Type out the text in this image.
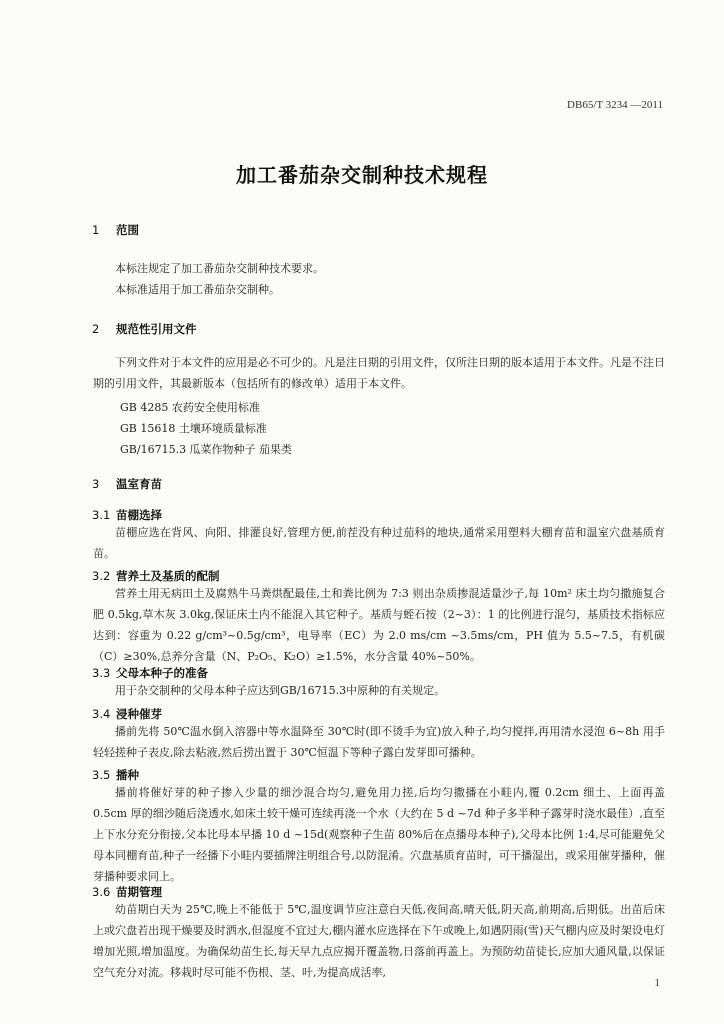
DB65/T 3234 —2011
加工番茄杂交制种技术规程
1 范围

本标注规定了加工番茄杂交制种技术要求。

本标准适用于加工番茄杂交制种。

2 规范性引用文件

下列文件对于本文件的应用是必不可少的。凡是注日期的引用文件，仅所注日期的版本适用于本文件。凡是不注日期的引用文件，其最新版本（包括所有的修改单）适用于本文件。

GB 4285 农药安全使用标准
GB 15618 土壤环境质量标准
GB/16715.3 瓜菜作物种子 茄果类
3 温室育苗
3.1 苗棚选择

苗棚应选在背风、向阳、排灌良好,管理方便,前茬没有种过茄科的地块,通常采用塑料大棚育苗和温室穴盘基质育苗。

3.2 营养土及基质的配制

营养土用无病田土及腐熟牛马粪烘配最佳,土和粪比例为 7:3 则出杂质掺混适量沙子,每 10m² 床土均匀撒施复合肥 0.5kg,草木灰 3.0kg,保证床土内不能混入其它种子。基质与蛭石按（2~3）：1 的比例进行混匀，基质技术指标应达到：容重为 0.22 g/cm³~0.5g/cm³，电导率（EC）为 2.0 ms/cm ~3.5ms/cm，PH 值为 5.5~7.5，有机碳（C）≥30%,总养分含量（N、P₂O₅、K₂O）≥1.5%，水分含量 40%~50%。

3.3 父母本种子的准备

用于杂交制种的父母本种子应达到GB/16715.3中原种的有关规定。

3.4 浸种催芽

播前先将 50℃温水倒入溶器中等水温降至 30℃时(即不烫手为宜)放入种子,均匀搅拌,再用清水浸泡 6~8h 用手轻轻搓种子表皮,除去粘液,然后捞出置于 30℃恒温下等种子露白发芽即可播种。

3.5 播种

播前将催好芽的种子掺入少量的细沙混合均匀,避免用力搓,后均匀撒播在小畦内,覆 0.2cm 细土、上面再盖 0.5cm 厚的细沙随后浇透水,如床土较干燥可连续再浇一个水（大约在 5 d ~7d 种子多半种子露芽时浇水最佳）,直至上下水分充分衔接,父本比母本早播 10 d ~15d(观察种子生苗 80%后在点播母本种子),父母本比例 1:4,尽可能避免父母本同棚育苗,种子一经播下小畦内要插牌注明组合号,以防混淆。穴盘基质育苗时，可干播湿出，或采用催芽播种，催芽播种要求同上。

3.6 苗期管理

幼苗期白天为 25℃,晚上不能低于 5℃,温度调节应注意白天低,夜间高,晴天低,阴天高,前期高,后期低。出苗后床上或穴盘若出现干燥要及时洒水,但湿度不宜过大,棚内灌水应选择在下午或晚上,如遇阴雨(雪)天气棚内应及时架设电灯增加光照,增加温度。为确保幼苗生长,每天早九点应揭开覆盖物,日落前再盖上。为预防幼苗徒长,应加大通风量,以保证空气充分对流。移栽时尽可能不伤根、茎、叶,为提高成活率,

1
